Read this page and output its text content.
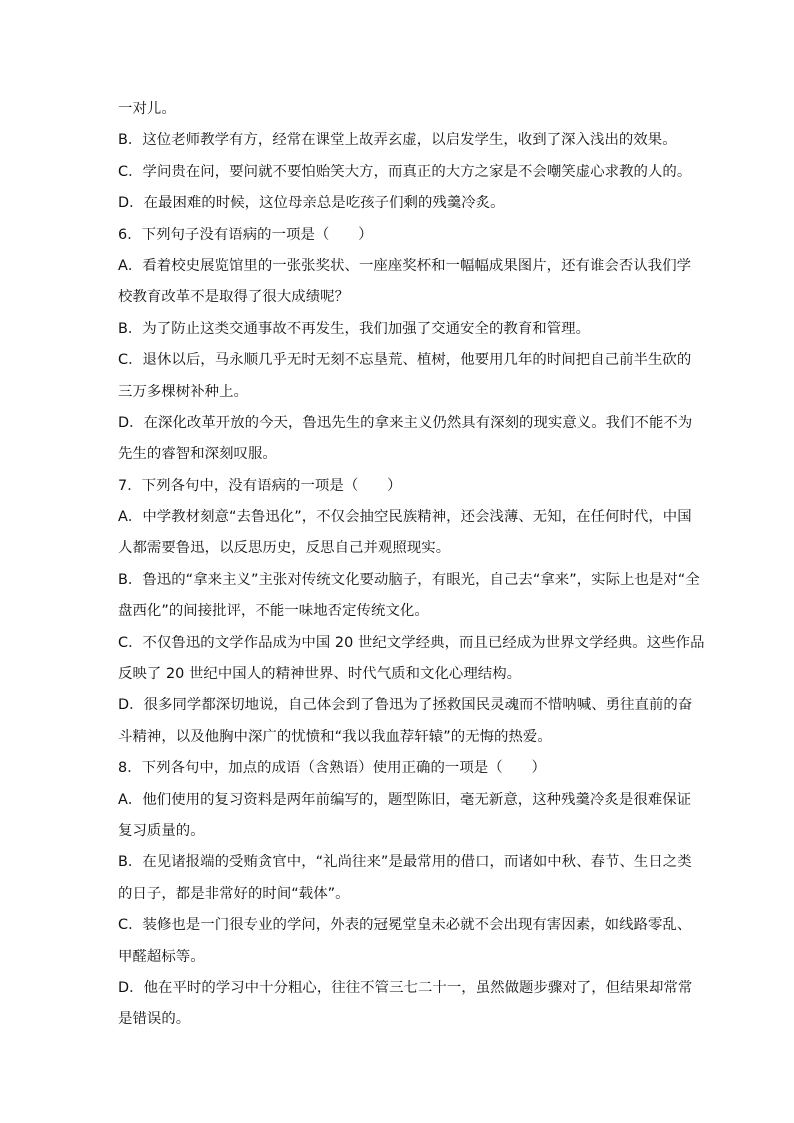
一对儿。
B．这位老师教学有方，经常在课堂上故弄玄虚，以启发学生，收到了深入浅出的效果。
C．学问贵在问，要问就不要怕贻笑大方，而真正的大方之家是不会嘲笑虚心求教的人的。
D．在最困难的时候，这位母亲总是吃孩子们剩的残羹冷炙。
6．下列句子没有语病的一项是（　　）
A．看着校史展览馆里的一张张奖状、一座座奖杯和一幅幅成果图片，还有谁会否认我们学
校教育改革不是取得了很大成绩呢？
B．为了防止这类交通事故不再发生，我们加强了交通安全的教育和管理。
C．退休以后，马永顺几乎无时无刻不忘垦荒、植树，他要用几年的时间把自己前半生砍的
三万多棵树补种上。
D．在深化改革开放的今天，鲁迅先生的拿来主义仍然具有深刻的现实意义。我们不能不为
先生的睿智和深刻叹服。
7．下列各句中，没有语病的一项是（　　）
A．中学教材刻意“去鲁迅化”，不仅会抽空民族精神，还会浅薄、无知，在任何时代，中国
人都需要鲁迅，以反思历史，反思自己并观照现实。
B．鲁迅的“拿来主义”主张对传统文化要动脑子，有眼光，自己去“拿来”，实际上也是对“全
盘西化”的间接批评，不能一味地否定传统文化。
C．不仅鲁迅的文学作品成为中国 20 世纪文学经典，而且已经成为世界文学经典。这些作品
反映了 20 世纪中国人的精神世界、时代气质和文化心理结构。
D．很多同学都深切地说，自己体会到了鲁迅为了拯救国民灵魂而不惜呐喊、勇往直前的奋
斗精神，以及他胸中深广的忧愤和“我以我血荐轩辕”的无悔的热爱。
8．下列各句中，加点的成语（含熟语）使用正确的一项是（　　）
A．他们使用的复习资料是两年前编写的，题型陈旧，毫无新意，这种残羹冷炙是很难保证
复习质量的。
B．在见诸报端的受贿贪官中，“礼尚往来”是最常用的借口，而诸如中秋、春节、生日之类
的日子，都是非常好的时间“载体”。
C．装修也是一门很专业的学问，外表的冠冕堂皇未必就不会出现有害因素，如线路零乱、
甲醛超标等。
D．他在平时的学习中十分粗心，往往不管三七二十一，虽然做题步骤对了，但结果却常常
是错误的。
